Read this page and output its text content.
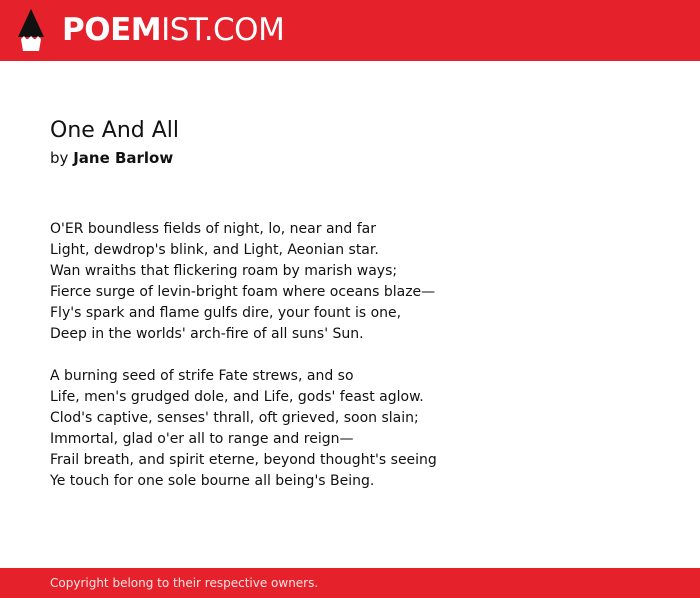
POEMIST.COM
One And All
by Jane Barlow
O'ER boundless fields of night, lo, near and far
Light, dewdrop's blink, and Light, Aeonian star.
Wan wraiths that flickering roam by marish ways;
Fierce surge of levin-bright foam where oceans blaze—
Fly's spark and flame gulfs dire, your fount is one,
Deep in the worlds' arch-fire of all suns' Sun.
A burning seed of strife Fate strews, and so
Life, men's grudged dole, and Life, gods' feast aglow.
Clod's captive, senses' thrall, oft grieved, soon slain;
Immortal, glad o'er all to range and reign—
Frail breath, and spirit eterne, beyond thought's seeing
Ye touch for one sole bourne all being's Being.
Copyright belong to their respective owners.
